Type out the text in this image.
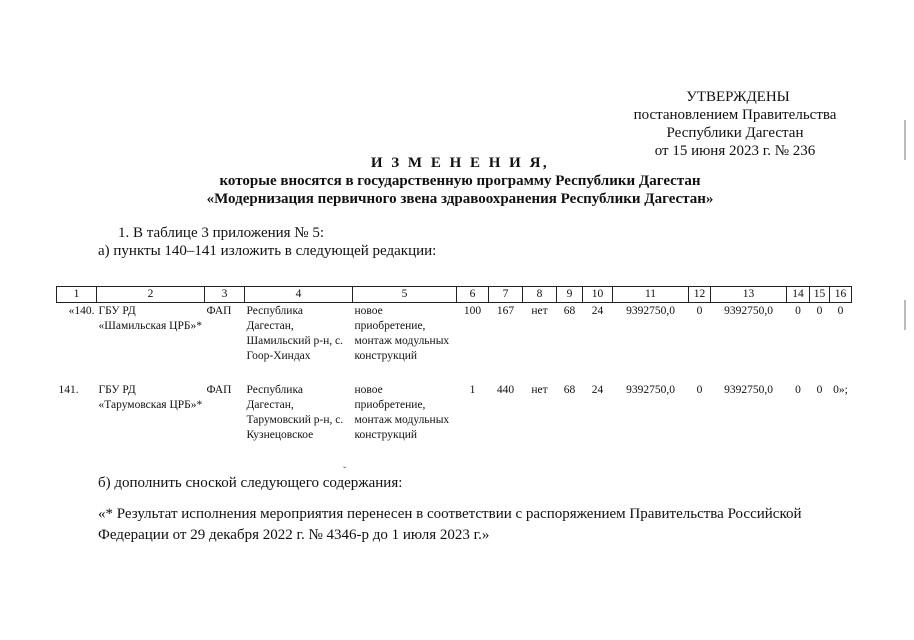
УТВЕРЖДЕНЫ
постановлением Правительства
Республики Дагестан
от 15 июня 2023 г. № 236
И З М Е Н Е Н И Я,
которые вносятся в государственную программу Республики Дагестан
«Модернизация первичного звена здравоохранения Республики Дагестан»
1. В таблице 3 приложения № 5:
а) пункты 140–141 изложить в следующей редакции:
1	2	3	4	5	6	7	8	9	10	11	12	13	14	15	16
«140.	ГБУ РД «Шамильская ЦРБ»*	ФАП	Республика Дагестан, Шамильский р-н, с. Гоор-Хиндах	новое приобретение, монтаж модульных конструкций	100	167	нет	68	24	9392750,0	0	9392750,0	0	0	0
141.	ГБУ РД «Тарумовская ЦРБ»*	ФАП	Республика Дагестан, Тарумовский р-н, с. Кузнецовское	новое приобретение, монтаж модульных конструкций	1	440	нет	68	24	9392750,0	0	9392750,0	0	0	0»;
ˇ
б) дополнить сноской следующего содержания:
«* Результат исполнения мероприятия перенесен в соответствии с распоряжением Правительства Российской
Федерации от 29 декабря 2022 г. № 4346-р до 1 июля 2023 г.»
